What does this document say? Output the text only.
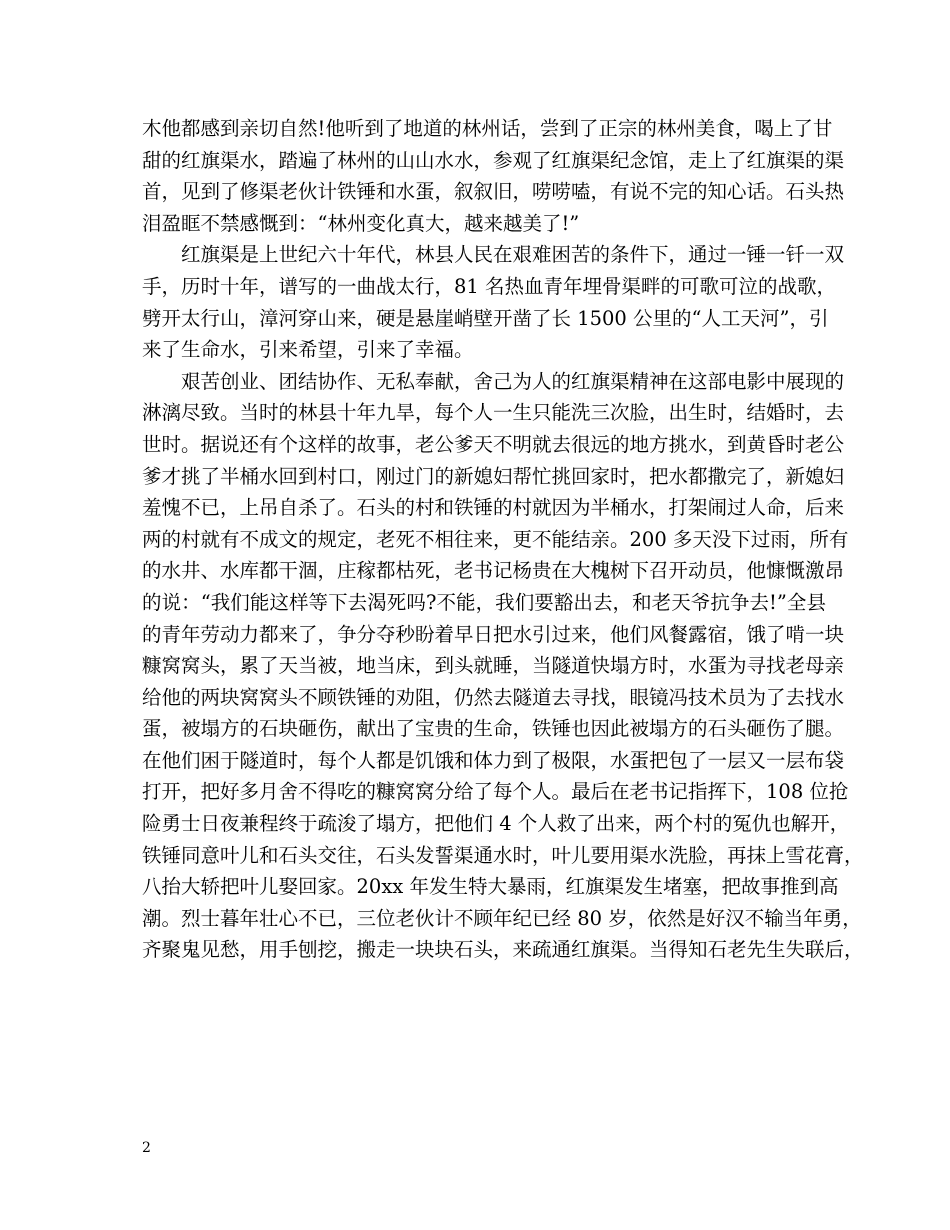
木他都感到亲切自然!他听到了地道的林州话，尝到了正宗的林州美食，喝上了甘
甜的红旗渠水，踏遍了林州的山山水水，参观了红旗渠纪念馆，走上了红旗渠的渠
首，见到了修渠老伙计铁锤和水蛋，叙叙旧，唠唠嗑，有说不完的知心话。石头热
泪盈眶不禁感慨到：“林州变化真大，越来越美了!”
红旗渠是上世纪六十年代，林县人民在艰难困苦的条件下，通过一锤一钎一双
手，历时十年，谱写的一曲战太行，81 名热血青年埋骨渠畔的可歌可泣的战歌，
劈开太行山，漳河穿山来，硬是悬崖峭壁开凿了长 1500 公里的“人工天河”，引
来了生命水，引来希望，引来了幸福。
艰苦创业、团结协作、无私奉献，舍己为人的红旗渠精神在这部电影中展现的
淋漓尽致。当时的林县十年九旱，每个人一生只能洗三次脸，出生时，结婚时，去
世时。据说还有个这样的故事，老公爹天不明就去很远的地方挑水，到黄昏时老公
爹才挑了半桶水回到村口，刚过门的新媳妇帮忙挑回家时，把水都撒完了，新媳妇
羞愧不已，上吊自杀了。石头的村和铁锤的村就因为半桶水，打架闹过人命，后来
两的村就有不成文的规定，老死不相往来，更不能结亲。200 多天没下过雨，所有
的水井、水库都干涸，庄稼都枯死，老书记杨贵在大槐树下召开动员，他慷慨激昂
的说：“我们能这样等下去渴死吗?不能，我们要豁出去，和老天爷抗争去!”全县
的青年劳动力都来了，争分夺秒盼着早日把水引过来，他们风餐露宿，饿了啃一块
糠窝窝头，累了天当被，地当床，到头就睡，当隧道快塌方时，水蛋为寻找老母亲
给他的两块窝窝头不顾铁锤的劝阻，仍然去隧道去寻找，眼镜冯技术员为了去找水
蛋，被塌方的石块砸伤，献出了宝贵的生命，铁锤也因此被塌方的石头砸伤了腿。
在他们困于隧道时，每个人都是饥饿和体力到了极限，水蛋把包了一层又一层布袋
打开，把好多月舍不得吃的糠窝窝分给了每个人。最后在老书记指挥下，108 位抢
险勇士日夜兼程终于疏浚了塌方，把他们 4 个人救了出来，两个村的冤仇也解开，
铁锤同意叶儿和石头交往，石头发誓渠通水时，叶儿要用渠水洗脸，再抹上雪花膏，
八抬大轿把叶儿娶回家。20xx 年发生特大暴雨，红旗渠发生堵塞，把故事推到高
潮。烈士暮年壮心不已，三位老伙计不顾年纪已经 80 岁，依然是好汉不输当年勇，
齐聚鬼见愁，用手刨挖，搬走一块块石头，来疏通红旗渠。当得知石老先生失联后，
2
